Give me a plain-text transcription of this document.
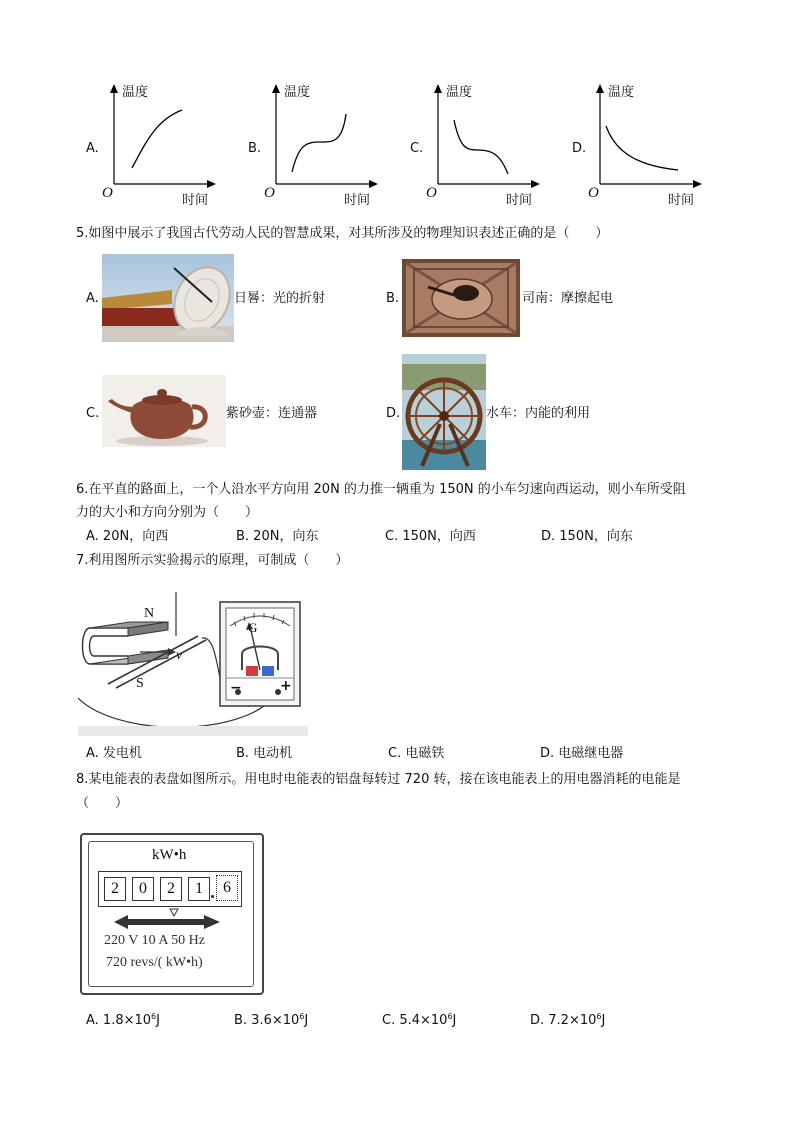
A.
温度
时间
O
B.
温度
时间
O
C.
温度
时间
O
D.
温度
时间
O
5.如图中展示了我国古代劳动人民的智慧成果，对其所涉及的物理知识表述正确的是（　　）
A.	日晷：光的折射	B.	司南：摩擦起电
C.	紫砂壶：连通器	D.	水车：内能的利用
6.在平直的路面上，一个人沿水平方向用 20N 的力推一辆重为 150N 的小车匀速向西运动，则小车所受阻
力的大小和方向分别为（　　）
A. 20N，向西	B. 20N，向东	C. 150N，向西	D. 150N，向东
7.利用图所示实验揭示的原理，可制成（　　）
N
S
v
G
−	+
A. 发电机	B. 电动机	C. 电磁铁	D. 电磁继电器
8.某电能表的表盘如图所示。用电时电能表的铝盘每转过 720 转，接在该电能表上的用电器消耗的电能是
（　　）
kW•h
2	0	2	1	6
220 V 10 A 50 Hz
720 revs/( kW•h)
A. $1.8\times 10^6J$	B. $3.6\times 10^6J$	C. $5.4\times 10^6J$	D. $7.2\times 10^6J$
